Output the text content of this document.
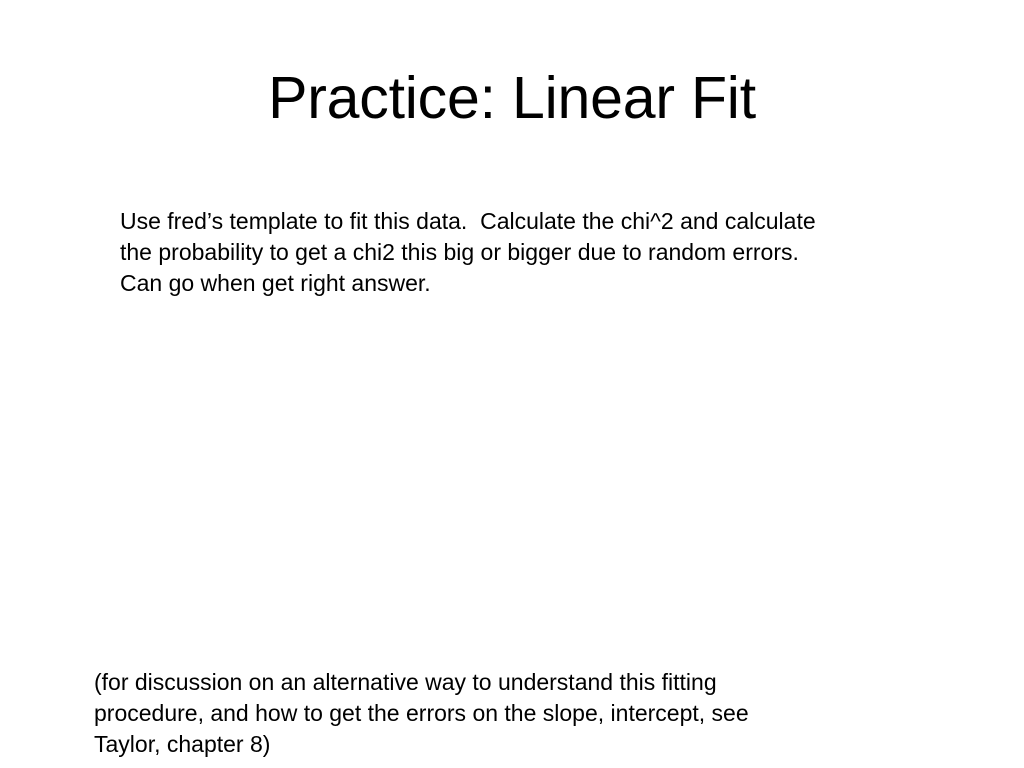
Practice: Linear Fit
Use fred’s template to fit this data.  Calculate the chi^2 and calculate
the probability to get a chi2 this big or bigger due to random errors.
Can go when get right answer.
(for discussion on an alternative way to understand this fitting
procedure, and how to get the errors on the slope, intercept, see
Taylor, chapter 8)
